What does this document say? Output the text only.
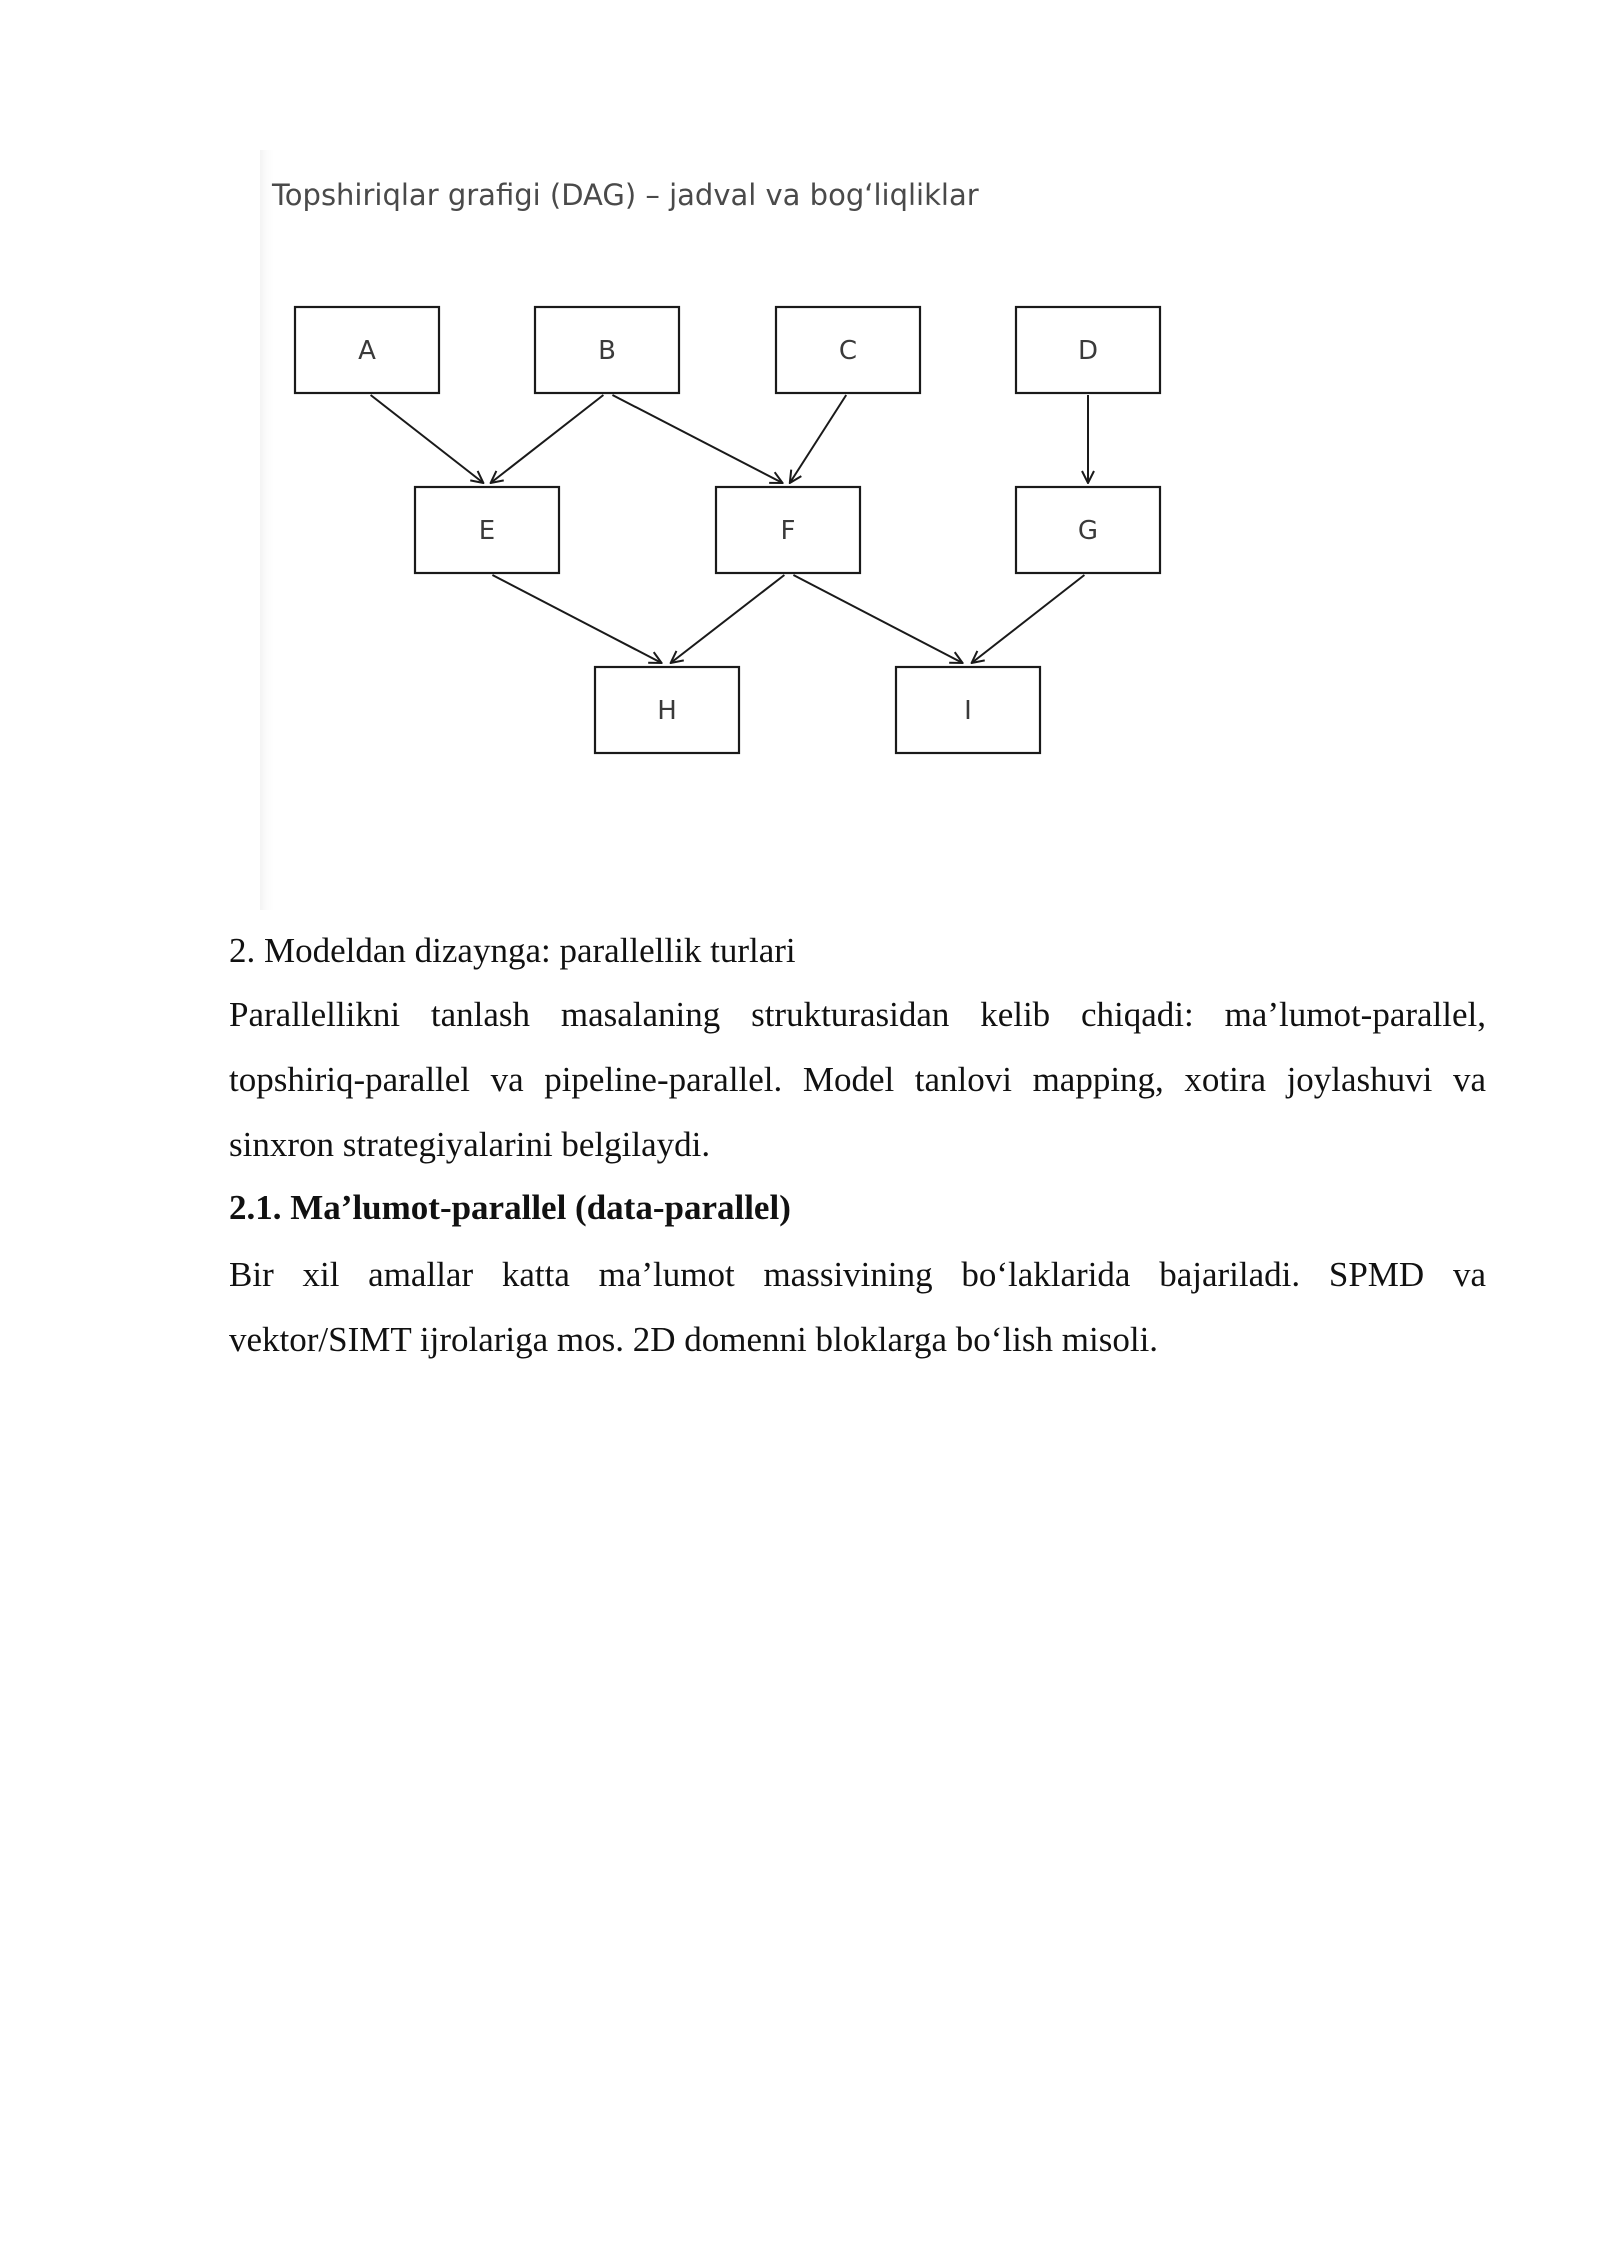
Topshiriqlar grafigi (DAG) – jadval va bog‘liqliklar
A	B	C	D
E	F	G
H	I
2. Modeldan dizaynga: parallellik turlari
Parallellikni tanlash masalaning strukturasidan kelib chiqadi: ma’lumot-parallel, topshiriq-parallel va pipeline-parallel. Model tanlovi mapping, xotira joylashuvi va sinxron strategiyalarini belgilaydi.
2.1. Ma’lumot-parallel (data-parallel)
Bir xil amallar katta ma’lumot massivining bo‘laklarida bajariladi. SPMD va vektor/SIMT ijrolariga mos. 2D domenni bloklarga bo‘lish misoli.
